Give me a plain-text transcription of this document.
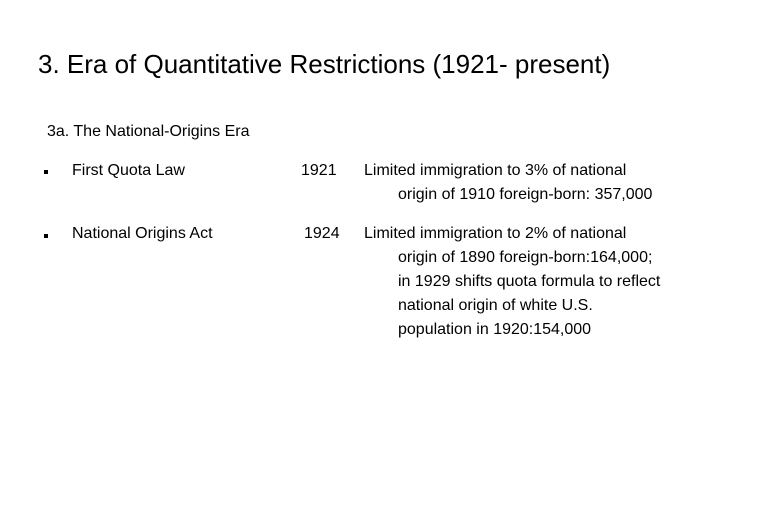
3. Era of Quantitative Restrictions (1921- present)
3a. The National-Origins Era
First Quota Law	1921 Limited immigration to 3% of national
origin of 1910 foreign-born: 357,000
National Origins Act	1924 Limited immigration to 2% of national
origin of 1890 foreign-born:164,000;
in 1929 shifts quota formula to reflect
national origin of white U.S.
population in 1920:154,000
